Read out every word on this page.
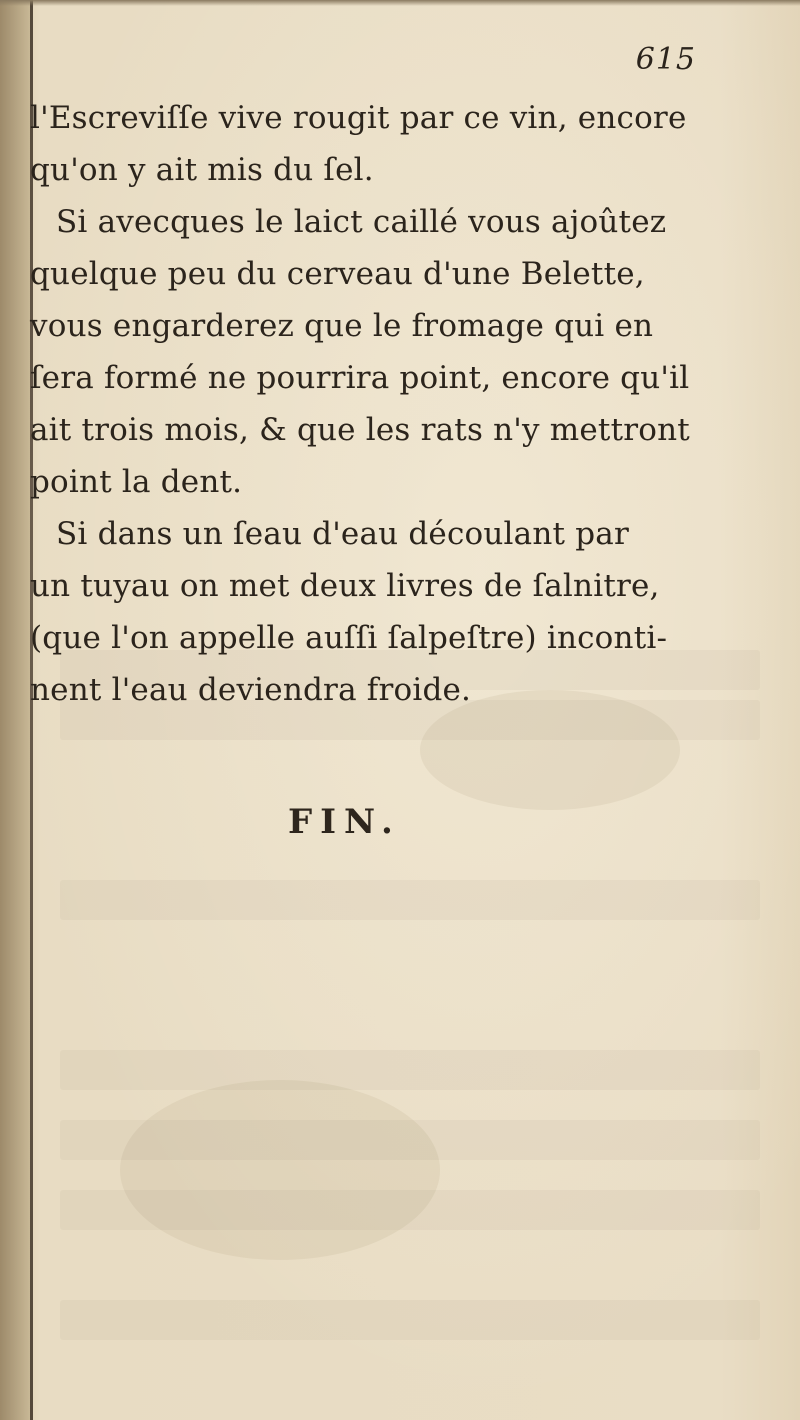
615
l'Escreviſſe vive rougit par ce vin, encore
qu'on y ait mis du ſel.
Si avecques le laict caillé vous ajoûtez
quelque peu du cerveau d'une Belette,
vous engarderez que le fromage qui en
ſera formé ne pourrira point, encore qu'il
ait trois mois, & que les rats n'y mettront
point la dent.
Si dans un ſeau d'eau découlant par
un tuyau on met deux livres de ſalnitre,
(que l'on appelle auſſi ſalpeſtre) inconti-
nent l'eau deviendra froide.
FIN.
